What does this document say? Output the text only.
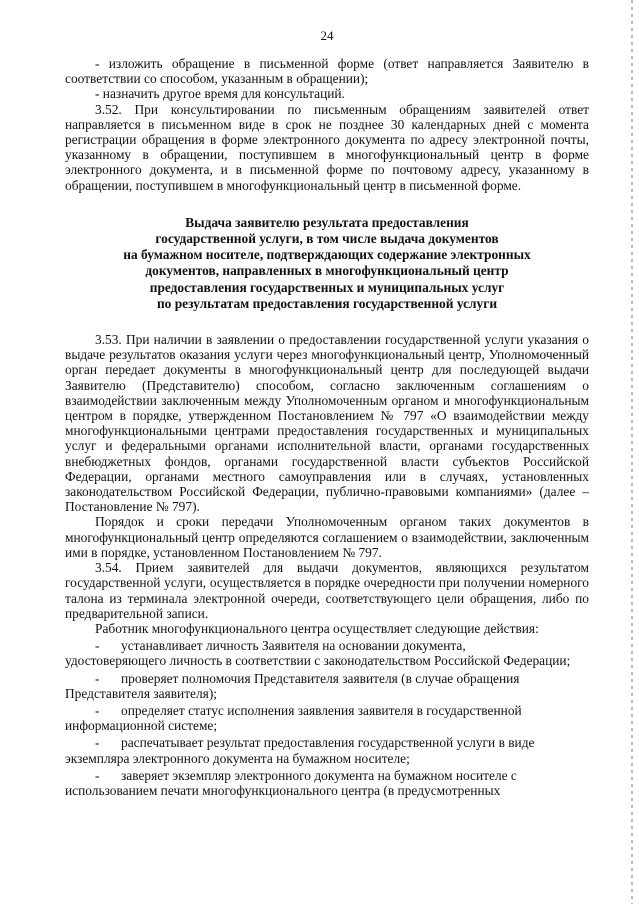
24

- изложить обращение в письменной форме (ответ направляется Заявителю в соответствии со способом, указанным в обращении);

- назначить другое время для консультаций.

3.52. При консультировании по письменным обращениям заявителей ответ направляется в письменном виде в срок не позднее 30 календарных дней с момента регистрации обращения в форме электронного документа по адресу электронной почты, указанному в обращении, поступившем в многофункциональный центр в форме электронного документа, и в письменной форме по почтовому адресу, указанному в обращении, поступившем в многофункциональный центр в письменной форме.

Выдача заявителю результата предоставления
государственной услуги, в том числе выдача документов
на бумажном носителе, подтверждающих содержание электронных
документов, направленных в многофункциональный центр
предоставления государственных и муниципальных услуг
по результатам предоставления государственной услуги

3.53. При наличии в заявлении о предоставлении государственной услуги указания о выдаче результатов оказания услуги через многофункциональный центр, Уполномоченный орган передает документы в многофункциональный центр для последующей выдачи Заявителю (Представителю) способом, согласно заключенным соглашениям о взаимодействии заключенным между Уполномоченным органом и многофункциональным центром в порядке, утвержденном Постановлением № 797 «О взаимодействии между многофункциональными центрами предоставления государственных и муниципальных услуг и федеральными органами исполнительной власти, органами государственных внебюджетных фондов, органами государственной власти субъектов Российской Федерации, органами местного самоуправления или в случаях, установленных законодательством Российской Федерации, публично-правовыми компаниями» (далее – Постановление № 797).

Порядок и сроки передачи Уполномоченным органом таких документов в многофункциональный центр определяются соглашением о взаимодействии, заключенным ими в порядке, установленном Постановлением № 797.

3.54. Прием заявителей для выдачи документов, являющихся результатом государственной услуги, осуществляется в порядке очередности при получении номерного талона из терминала электронной очереди, соответствующего цели обращения, либо по предварительной записи.

Работник многофункционального центра осуществляет следующие действия:

-	устанавливает личность Заявителя на основании документа,

удостоверяющего личность в соответствии с законодательством Российской Федерации;

-	проверяет полномочия Представителя заявителя (в случае обращения

Представителя заявителя);

-	определяет статус исполнения заявления заявителя в государственной

информационной системе;

-	распечатывает результат предоставления государственной услуги в виде

экземпляра электронного документа на бумажном носителе;

-	заверяет экземпляр электронного документа на бумажном носителе с

использованием печати многофункционального центра (в предусмотренных
